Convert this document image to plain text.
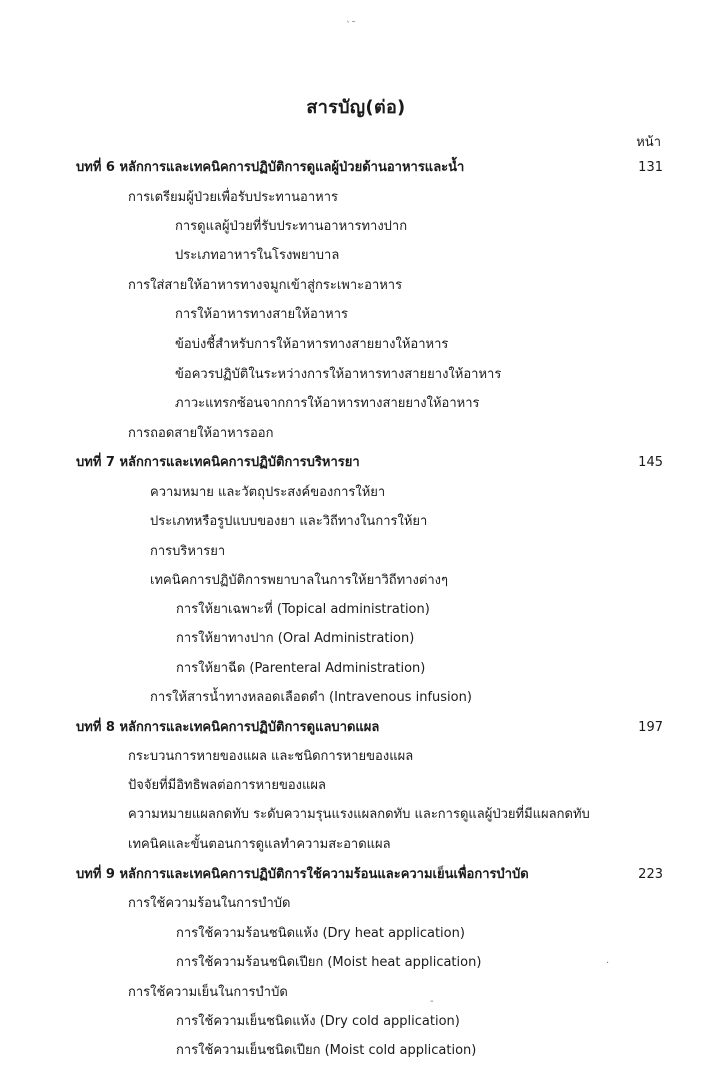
ˎ˷
·
-
สารบัญ(ต่อ)
หน้า
บทที่ 6 หลักการและเทคนิคการปฏิบัติการดูแลผู้ป่วยด้านอาหารและน้ำ	131
การเตรียมผู้ป่วยเพื่อรับประทานอาหาร
การดูแลผู้ป่วยที่รับประทานอาหารทางปาก
ประเภทอาหารในโรงพยาบาล
การใส่สายให้อาหารทางจมูกเข้าสู่กระเพาะอาหาร
การให้อาหารทางสายให้อาหาร
ข้อบ่งชี้สำหรับการให้อาหารทางสายยางให้อาหาร
ข้อควรปฏิบัติในระหว่างการให้อาหารทางสายยางให้อาหาร
ภาวะแทรกซ้อนจากการให้อาหารทางสายยางให้อาหาร
การถอดสายให้อาหารออก
บทที่ 7 หลักการและเทคนิคการปฏิบัติการบริหารยา	145
ความหมาย และวัตถุประสงค์ของการให้ยา
ประเภทหรือรูปแบบของยา และวิถีทางในการให้ยา
การบริหารยา
เทคนิคการปฏิบัติการพยาบาลในการให้ยาวิถีทางต่างๆ
การให้ยาเฉพาะที่ (Topical administration)
การให้ยาทางปาก (Oral Administration)
การให้ยาฉีด (Parenteral Administration)
การให้สารน้ำทางหลอดเลือดดำ (Intravenous infusion)
บทที่ 8 หลักการและเทคนิคการปฏิบัติการดูแลบาดแผล	197
กระบวนการหายของแผล และชนิดการหายของแผล
ปัจจัยที่มีอิทธิพลต่อการหายของแผล
ความหมายแผลกดทับ ระดับความรุนแรงแผลกดทับ และการดูแลผู้ป่วยที่มีแผลกดทับ
เทคนิคและขั้นตอนการดูแลทำความสะอาดแผล
บทที่ 9 หลักการและเทคนิคการปฏิบัติการใช้ความร้อนและความเย็นเพื่อการบำบัด	223
การใช้ความร้อนในการบำบัด
การใช้ความร้อนชนิดแห้ง (Dry heat application)
การใช้ความร้อนชนิดเปียก (Moist heat application)
การใช้ความเย็นในการบำบัด
การใช้ความเย็นชนิดแห้ง (Dry cold application)
การใช้ความเย็นชนิดเปียก (Moist cold application)
